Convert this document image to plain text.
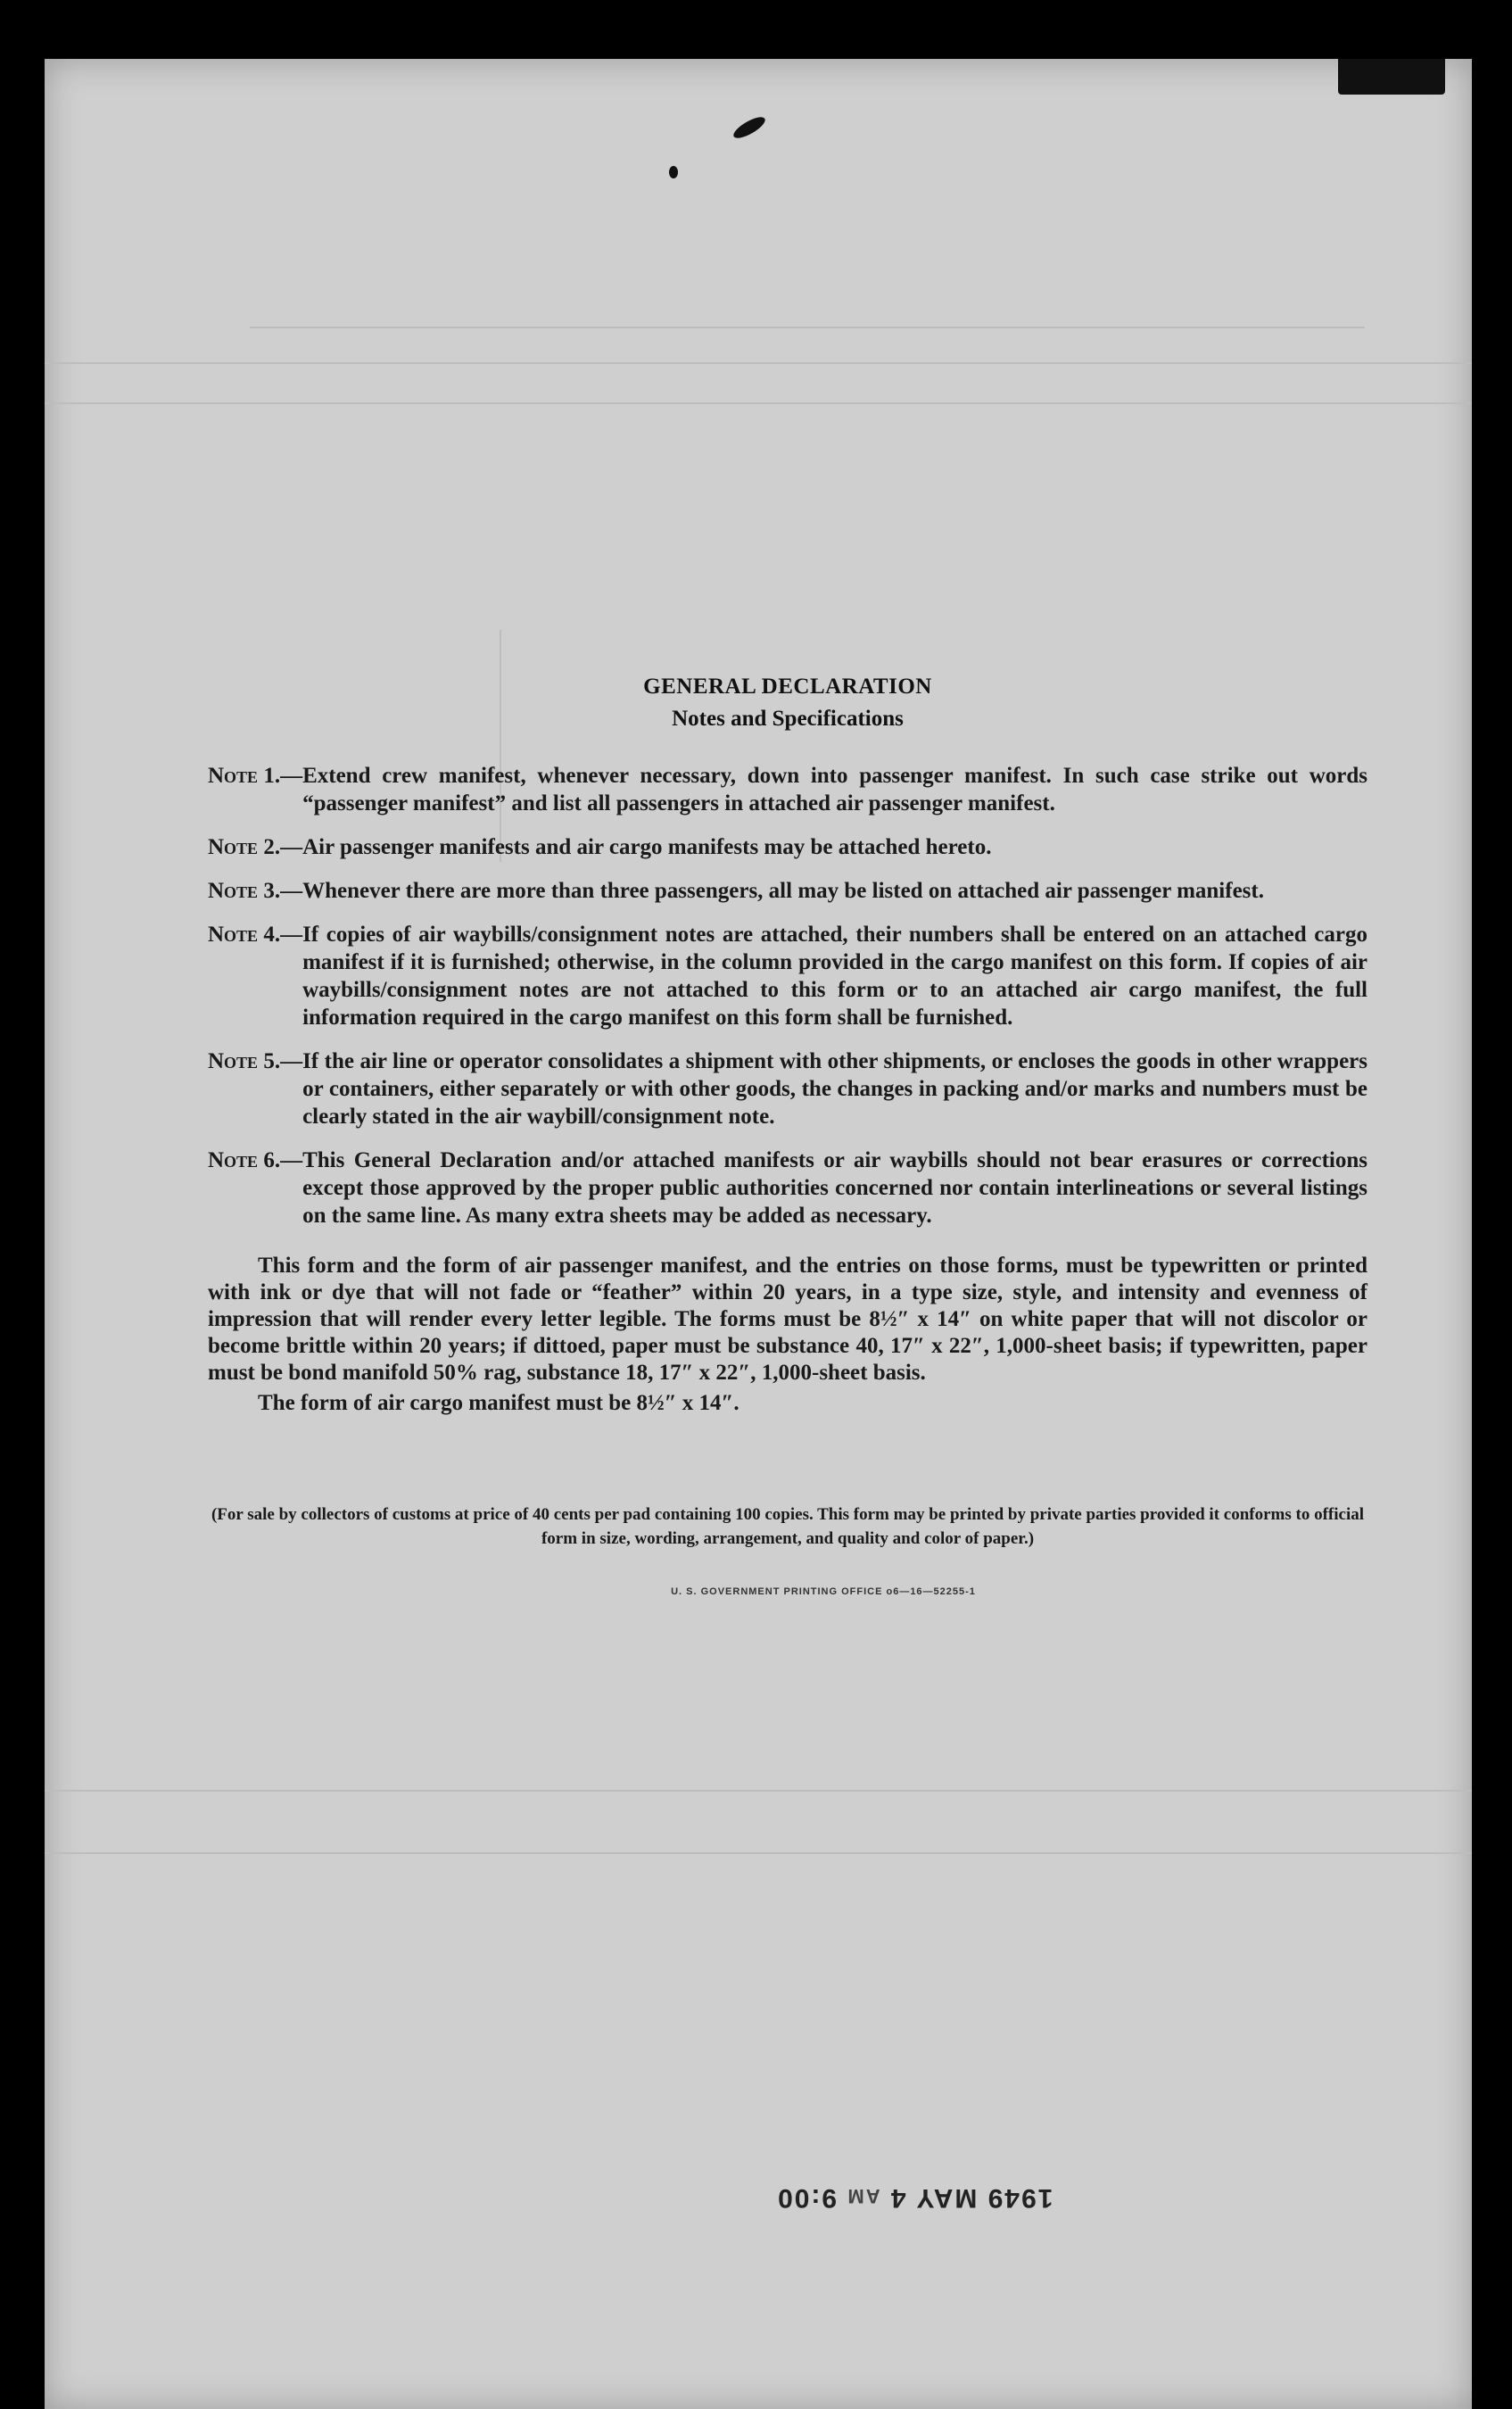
GENERAL DECLARATION
Notes and Specifications
Note 1.— Extend crew manifest, whenever necessary, down into passenger manifest. In such case strike out words “passenger manifest” and list all passengers in attached air passenger manifest.
Note 2.— Air passenger manifests and air cargo manifests may be attached hereto.
Note 3.— Whenever there are more than three passengers, all may be listed on attached air passenger manifest.
Note 4.— If copies of air waybills/consignment notes are attached, their numbers shall be entered on an attached cargo manifest if it is furnished; otherwise, in the column provided in the cargo manifest on this form. If copies of air waybills/consignment notes are not attached to this form or to an attached air cargo manifest, the full information required in the cargo manifest on this form shall be furnished.
Note 5.— If the air line or operator consolidates a shipment with other shipments, or encloses the goods in other wrappers or containers, either separately or with other goods, the changes in packing and/or marks and numbers must be clearly stated in the air waybill/consignment note.
Note 6.— This General Declaration and/or attached manifests or air waybills should not bear erasures or corrections except those approved by the proper public authorities concerned nor contain interlineations or several listings on the same line. As many extra sheets may be added as necessary.

This form and the form of air passenger manifest, and the entries on those forms, must be typewritten or printed with ink or dye that will not fade or “feather” within 20 years, in a type size, style, and intensity and evenness of impression that will render every letter legible. The forms must be 8½″ x 14″ on white paper that will not discolor or become brittle within 20 years; if dittoed, paper must be substance 40, 17″ x 22″, 1,000-sheet basis; if typewritten, paper must be bond manifold 50% rag, substance 18, 17″ x 22″, 1,000-sheet basis.

The form of air cargo manifest must be 8½″ x 14″.

(For sale by collectors of customs at price of 40 cents per pad containing 100 copies. This form may be printed by private parties provided it conforms to official form in size, wording, arrangement, and quality and color of paper.)
U. S. GOVERNMENT PRINTING OFFICE o6—16—52255-1
1949 MAY 4 AM 9:00
